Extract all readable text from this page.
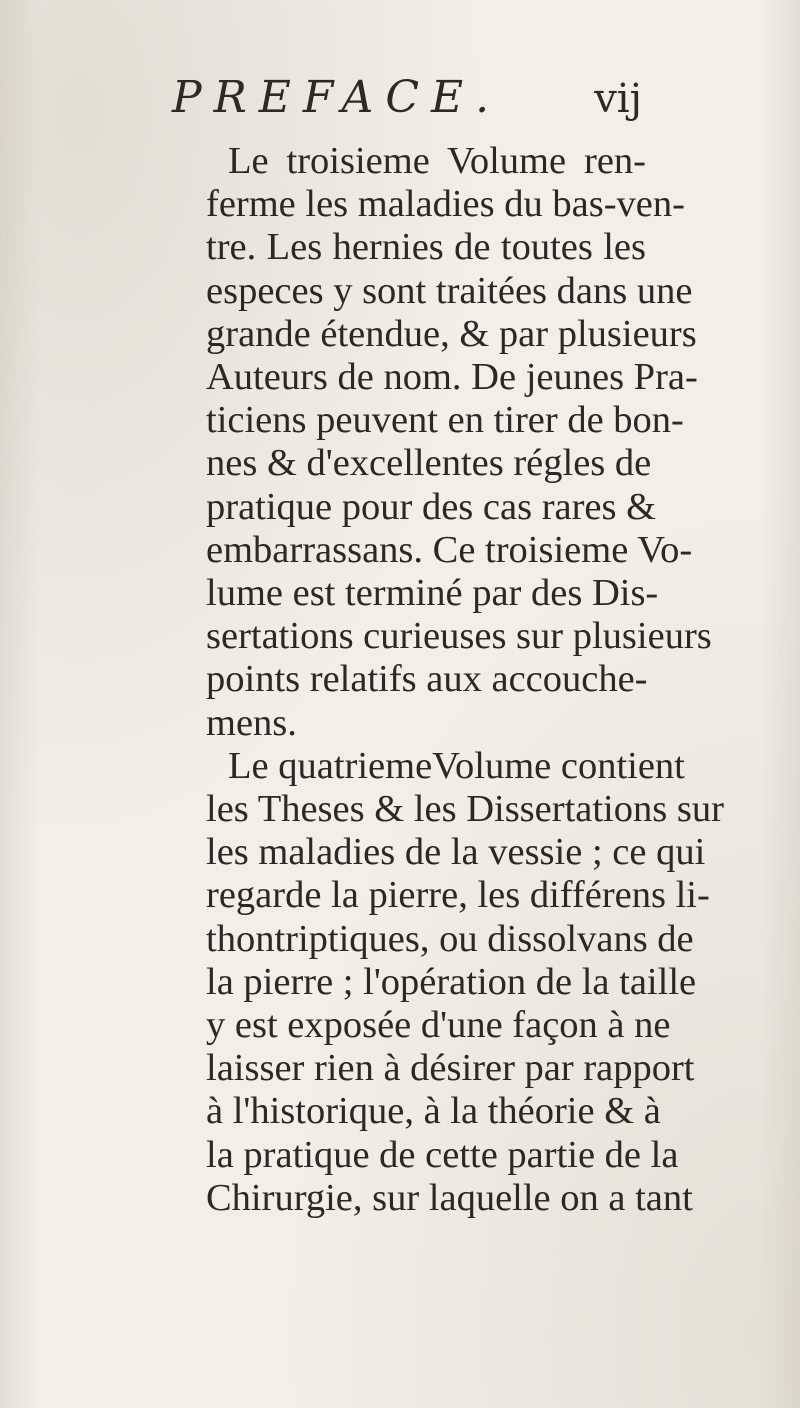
PREFACE. vij
Le troisieme Volume ren-
ferme les maladies du bas-ven-
tre. Les hernies de toutes les
especes y sont traitées dans une
grande étendue, & par plusieurs
Auteurs de nom. De jeunes Pra-
ticiens peuvent en tirer de bon-
nes & d'excellentes régles de
pratique pour des cas rares &
embarrassans. Ce troisieme Vo-
lume est terminé par des Dis-
sertations curieuses sur plusieurs
points relatifs aux accouche-
mens.
Le quatriemeVolume contient
les Theses & les Dissertations sur
les maladies de la vessie ; ce qui
regarde la pierre, les différens li-
thontriptiques, ou dissolvans de
la pierre ; l'opération de la taille
y est exposée d'une façon à ne
laisser rien à désirer par rapport
à l'historique, à la théorie & à
la pratique de cette partie de la
Chirurgie, sur laquelle on a tant
